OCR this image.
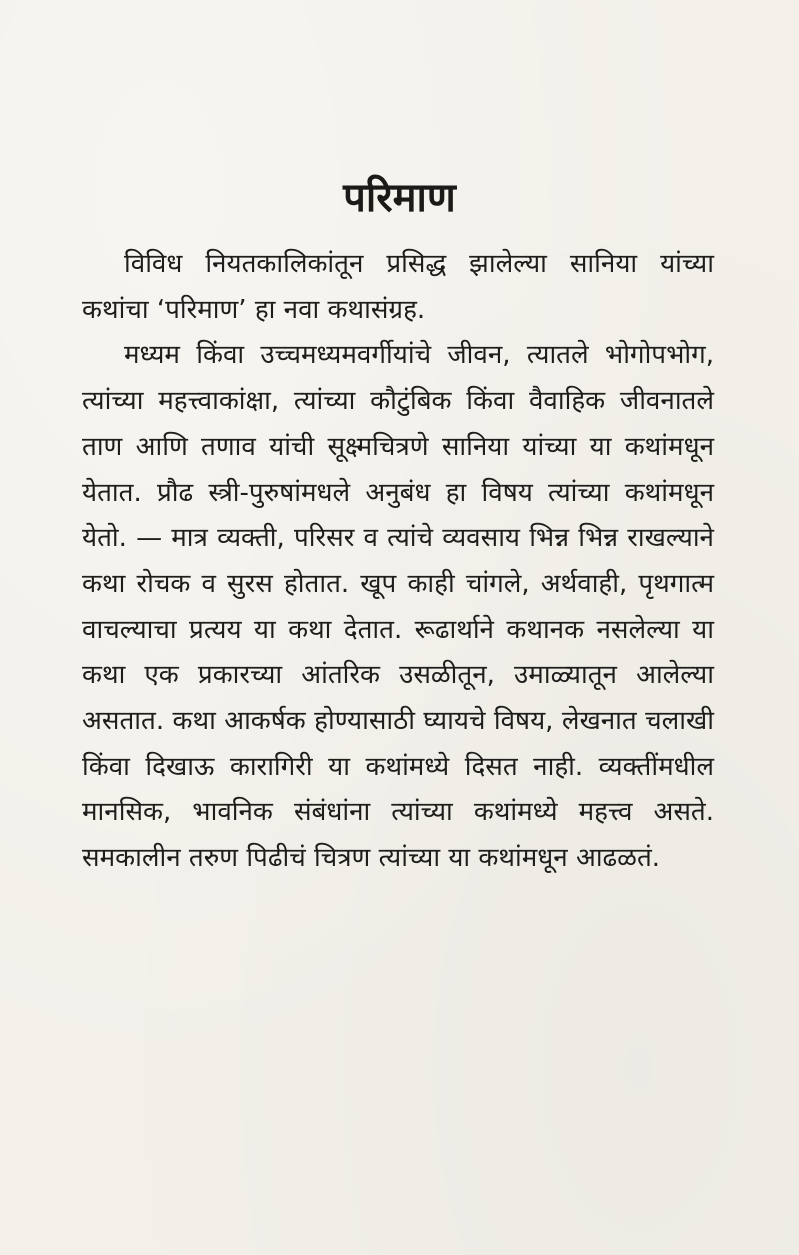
परिमाण

विविध नियतकालिकांतून प्रसिद्ध झालेल्या सानिया यांच्या कथांचा ‘परिमाण’ हा नवा कथासंग्रह.

मध्यम किंवा उच्चमध्यमवर्गीयांचे जीवन, त्यातले भोगोपभोग, त्यांच्या महत्त्वाकांक्षा, त्यांच्या कौटुंबिक किंवा वैवाहिक जीवनातले ताण आणि तणाव यांची सूक्ष्मचित्रणे सानिया यांच्या या कथांमधून येतात. प्रौढ स्त्री-पुरुषांमधले अनुबंध हा विषय त्यांच्या कथांमधून येतो. — मात्र व्यक्ती, परिसर व त्यांचे व्यवसाय भिन्न भिन्न राखल्याने कथा रोचक व सुरस होतात. खूप काही चांगले, अर्थवाही, पृथगात्म वाचल्याचा प्रत्यय या कथा देतात. रूढार्थाने कथानक नसलेल्या या कथा एक प्रकारच्या आंतरिक उसळीतून, उमाळ्यातून आलेल्या असतात. कथा आकर्षक होण्यासाठी घ्यायचे विषय, लेखनात चलाखी किंवा दिखाऊ कारागिरी या कथांमध्ये दिसत नाही. व्यक्तींमधील मानसिक, भावनिक संबंधांना त्यांच्या कथांमध्ये महत्त्व असते. समकालीन तरुण पिढीचं चित्रण त्यांच्या या कथांमधून आढळतं.
